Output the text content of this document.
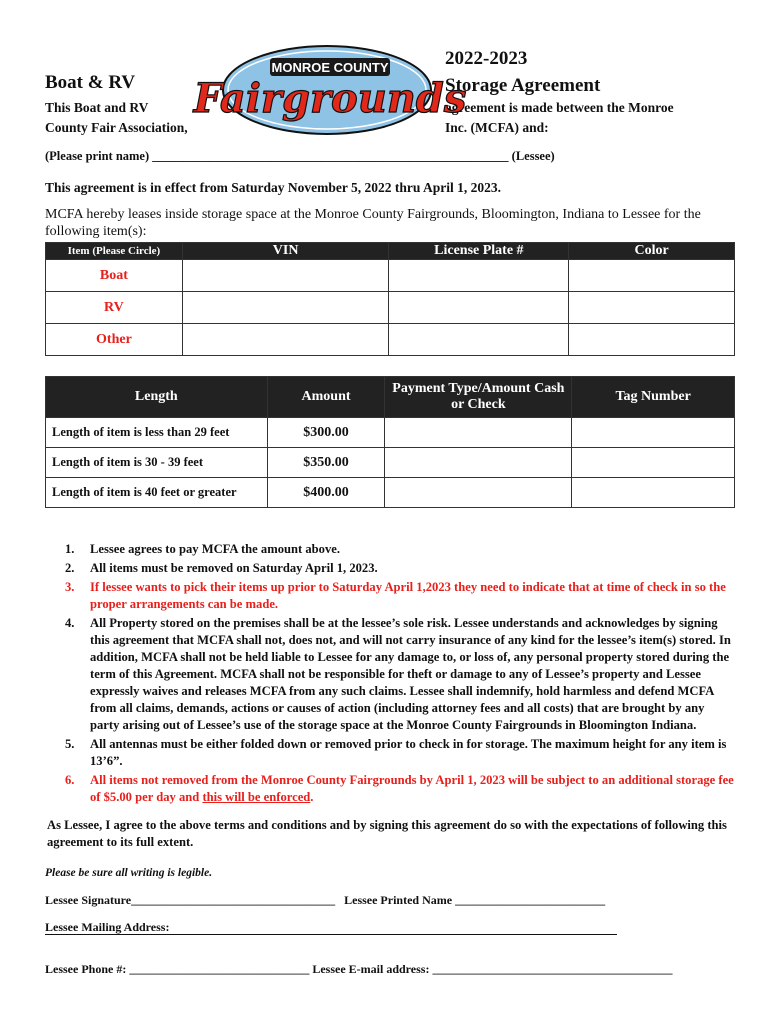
Boat & RV
This Boat and RV
County Fair Association,
2022-2023
Storage Agreement
agreement is made between the Monroe
Inc. (MCFA) and:
MONROE COUNTY
Fairgrounds
(Please print name) _________________________________________________________ (Lessee)
This agreement is in effect from Saturday November 5, 2022 thru April 1, 2023.
MCFA hereby leases inside storage space at the Monroe County Fairgrounds, Bloomington, Indiana to Lessee for the following item(s):
Item (Please Circle)	VIN	License Plate #	Color
Boat			
RV			
Other			
Length	Amount	Payment Type/Amount Cash or Check	Tag Number
Length of item is less than 29 feet	$300.00		
Length of item is 30 - 39 feet	$350.00		
Length of item is 40 feet or greater	$400.00		
1. Lessee agrees to pay MCFA the amount above.
2. All items must be removed on Saturday April 1, 2023.
3. If lessee wants to pick their items up prior to Saturday April 1,2023 they need to indicate that at time of check in so the proper arrangements can be made.
4. All Property stored on the premises shall be at the lessee’s sole risk. Lessee understands and acknowledges by signing this agreement that MCFA shall not, does not, and will not carry insurance of any kind for the lessee’s item(s) stored. In addition, MCFA shall not be held liable to Lessee for any damage to, or loss of, any personal property stored during the term of this Agreement. MCFA shall not be responsible for theft or damage to any of Lessee’s property and Lessee expressly waives and releases MCFA from any such claims. Lessee shall indemnify, hold harmless and defend MCFA from all claims, demands, actions or causes of action (including attorney fees and all costs) that are brought by any party arising out of Lessee’s use of the storage space at the Monroe County Fairgrounds in Bloomington Indiana.
5. All antennas must be either folded down or removed prior to check in for storage. The maximum height for any item is 13’6”.
6. All items not removed from the Monroe County Fairgrounds by April 1, 2023 will be subject to an additional storage fee of $5.00 per day and this will be enforced.
As Lessee, I agree to the above terms and conditions and by signing this agreement do so with the expectations of following this agreement to its full extent.
Please be sure all writing is legible.
Lessee Signature__________________________________ Lessee Printed Name _________________________
Lessee Mailing Address:
Lessee Phone #: ______________________________ Lessee E-mail address: ________________________________________
